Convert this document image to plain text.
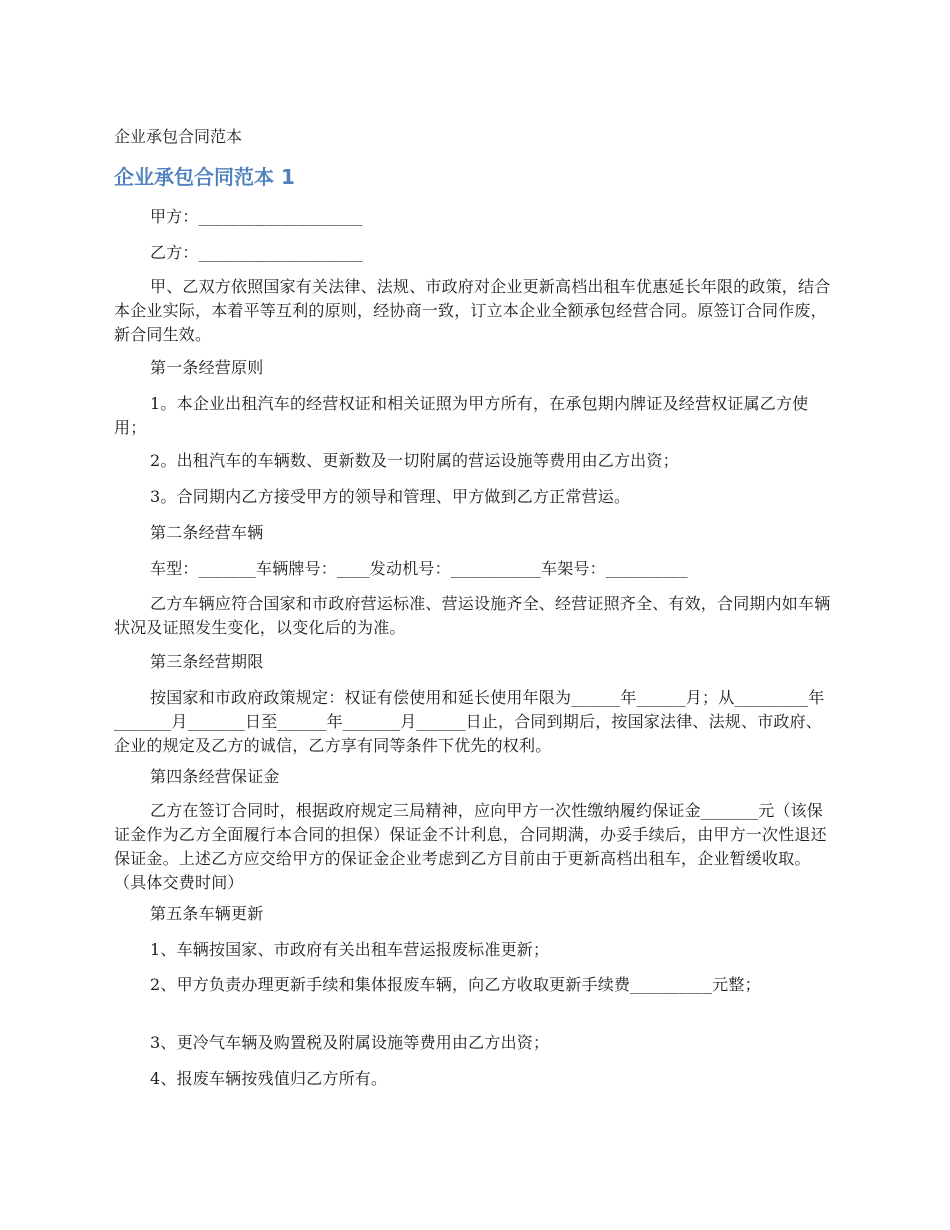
企业承包合同范本
企业承包合同范本 1

甲方：____________________

乙方：____________________

甲、乙双方依照国家有关法律、法规、市政府对企业更新高档出租车优惠延长年限的政策，结合本企业实际，本着平等互利的原则，经协商一致，订立本企业全额承包经营合同。原签订合同作废，新合同生效。

第一条经营原则

1。本企业出租汽车的经营权证和相关证照为甲方所有，在承包期内牌证及经营权证属乙方使用；

2。出租汽车的车辆数、更新数及一切附属的营运设施等费用由乙方出资；

3。合同期内乙方接受甲方的领导和管理、甲方做到乙方正常营运。

第二条经营车辆

车型：_______车辆牌号：____发动机号：___________车架号：__________

乙方车辆应符合国家和市政府营运标准、营运设施齐全、经营证照齐全、有效，合同期内如车辆状况及证照发生变化，以变化后的为准。

第三条经营期限

按国家和市政府政策规定：权证有偿使用和延长使用年限为______年______月；从_________年_______月_______日至______年_______月______日止，合同到期后，按国家法律、法规、市政府、企业的规定及乙方的诚信，乙方享有同等条件下优先的权利。

第四条经营保证金

乙方在签订合同时，根据政府规定三局精神，应向甲方一次性缴纳履约保证金_______元（该保证金作为乙方全面履行本合同的担保）保证金不计利息，合同期满，办妥手续后，由甲方一次性退还保证金。上述乙方应交给甲方的保证金企业考虑到乙方目前由于更新高档出租车，企业暂缓收取。（具体交费时间）

第五条车辆更新

1、车辆按国家、市政府有关出租车营运报废标准更新；

2、甲方负责办理更新手续和集体报废车辆，向乙方收取更新手续费__________元整；

3、更冷气车辆及购置税及附属设施等费用由乙方出资；

4、报废车辆按残值归乙方所有。
